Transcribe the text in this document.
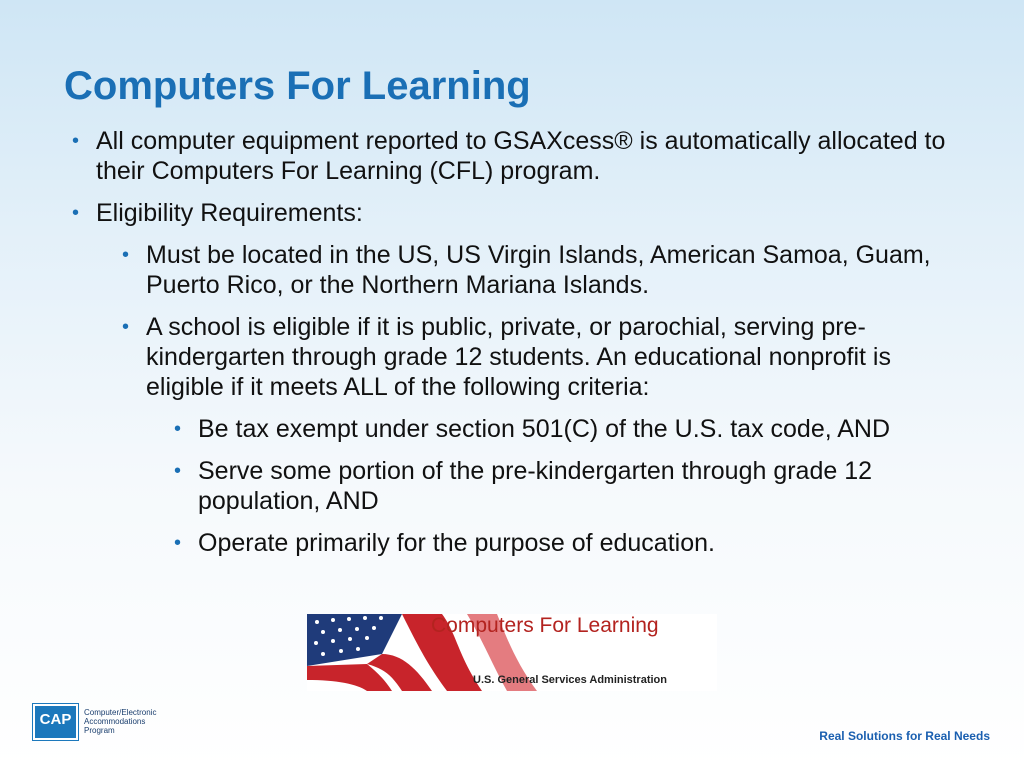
Computers For Learning
• All computer equipment reported to GSAXcess® is automatically allocated to their Computers For Learning (CFL) program.
• Eligibility Requirements:
• Must be located in the US, US Virgin Islands, American Samoa, Guam, Puerto Rico, or the Northern Mariana Islands.
• A school is eligible if it is public, private, or parochial, serving pre-kindergarten through grade 12 students. An educational nonprofit is eligible if it meets ALL of the following criteria:
• Be tax exempt under section 501(C) of the U.S. tax code, AND
• Serve some portion of the pre-kindergarten through grade 12 population, AND
• Operate primarily for the purpose of education.
Computers For Learning
U.S. General Services Administration
CAP Computer/Electronic
Accommodations
Program	Real Solutions for Real Needs
